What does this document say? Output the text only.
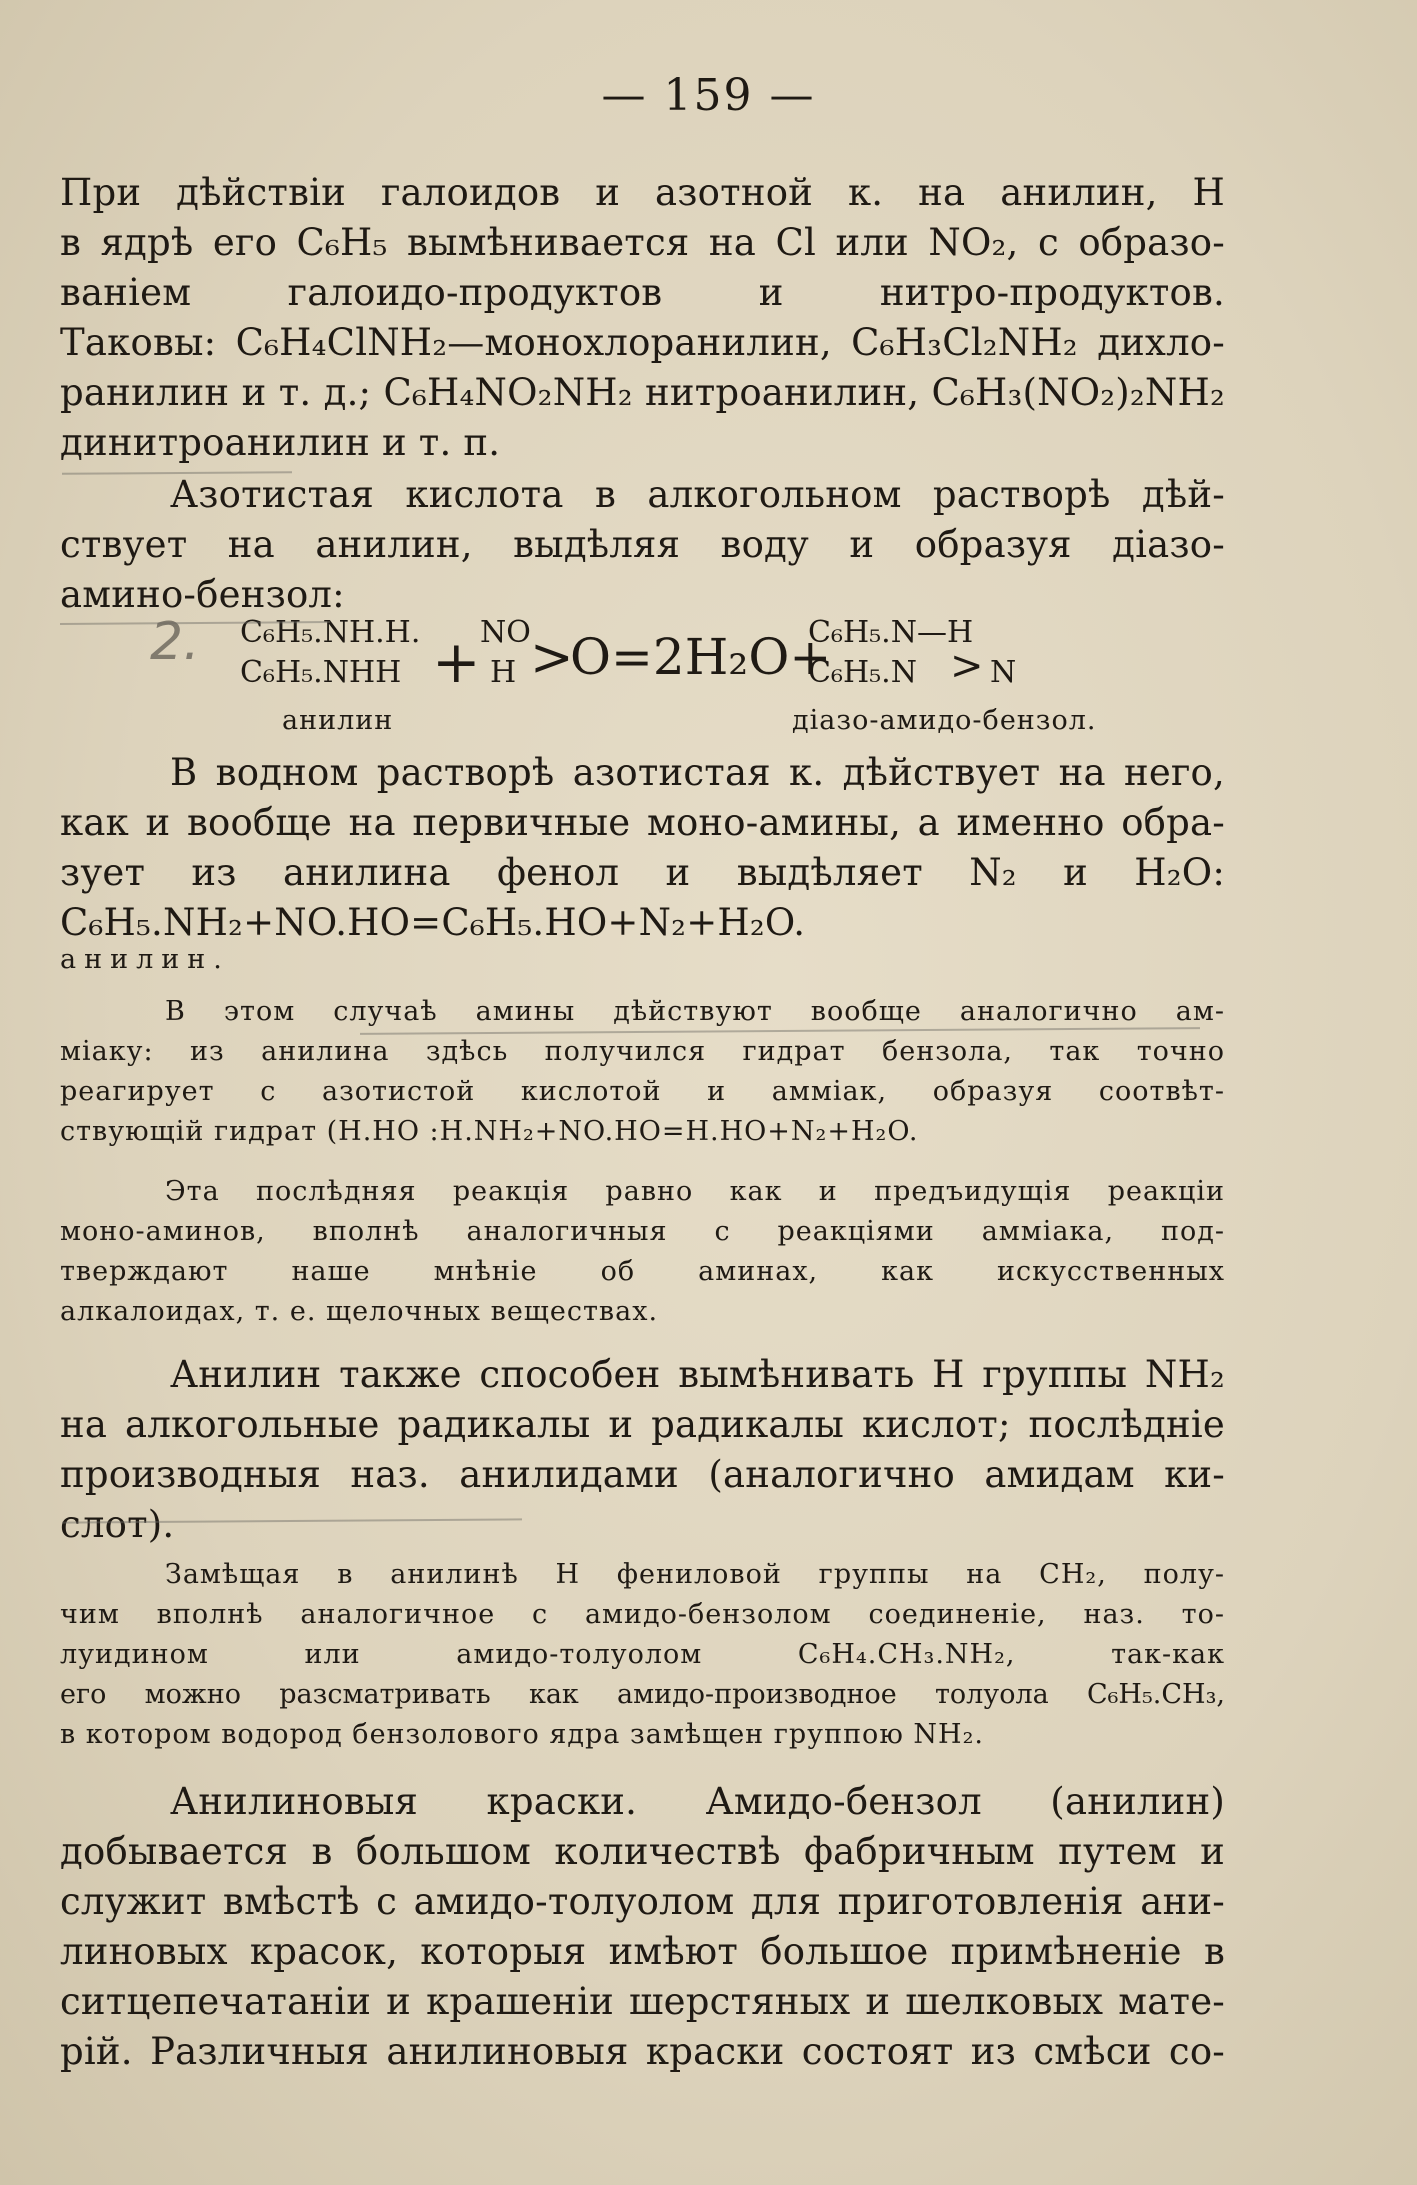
— 159 —
При дѣйствіи галоидов и азотной к. на анилин, Н
в ядрѣ его C₆H₅ вымѣнивается на Cl или NO₂, с образо-
ваніем галоидо-продуктов и нитро-продуктов.
Таковы: C₆H₄ClNH₂—монохлоранилин, C₆H₃Cl₂NH₂ дихло-
ранилин и т. д.; C₆H₄NO₂NH₂ нитроанилин, C₆H₃(NO₂)₂NH₂
динитроанилин и т. п.
Азотистая кислота в алкогольном растворѣ дѣй-
ствует на анилин, выдѣляя воду и образуя діазо-
амино-бензол:
2. C₆H₅.NH.H.
C₆H₅.NHH + NO
H >
O=2H₂O+
C₆H₅.N—H
C₆H₅.N > N
анилин	діазо-амидо-бензол.
В водном растворѣ азотистая к. дѣйствует на него,
как и вообще на первичные моно-амины, а именно обра-
зует из анилина фенол и выдѣляет N₂ и H₂O:
C₆H₅.NH₂+NO.HO=C₆H₅.HO+N₂+H₂O.
анилин.
В этом случаѣ амины дѣйствуют вообще аналогично ам-
міаку: из анилина здѣсь получился гидрат бензола, так точно
реагирует с азотистой кислотой и аммiак, образуя соотвѣт-
ствующій гидрат (Н.НО :H.NH₂+NO.HO=H.HO+N₂+H₂O.
Эта послѣдняя реакція равно как и предъидущія реакціи
моно-аминов, вполнѣ аналогичныя с реакціями аммiака, под-
тверждают наше мнѣніе об аминах, как искусственных
алкалоидах, т. е. щелочных веществах.
Анилин также способен вымѣнивать Н группы NH₂
на алкогольные радикалы и радикалы кислот; послѣдніе
производныя наз. анилидами (аналогично амидам ки-
слот).
Замѣщая в анилинѣ Н фениловой группы на CH₂, полу-
чим вполнѣ аналогичное с амидо-бензолом соединеніе, наз. то-
луидином или амидо-толуолом C₆H₄.CH₃.NH₂, так-как
его можно разсматривать как амидо-производное толуола C₆H₅.CH₃,
в котором водород бензолового ядра замѣщен группою NH₂.
Анилиновыя краски. Амидо-бензол (анилин)
добывается в большом количествѣ фабричным путем и
служит вмѣстѣ с амидо-толуолом для приготовленія ани-
линовых красок, которыя имѣют большое примѣненіе в
ситцепечатаніи и крашеніи шерстяных и шелковых мате-
рій. Различныя анилиновыя краски состоят из смѣси со-
